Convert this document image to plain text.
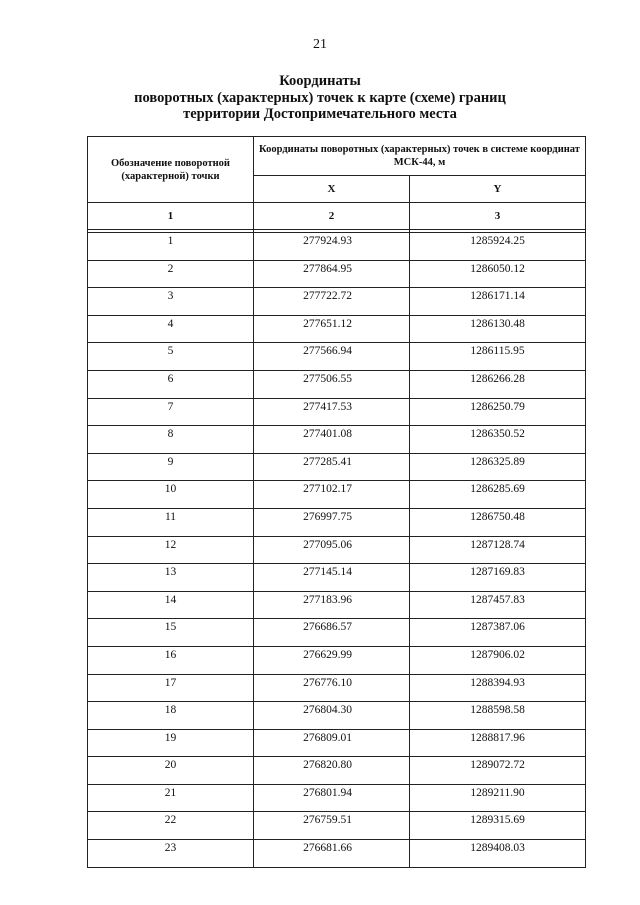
21
Координаты
поворотных (характерных) точек к карте (схеме) границ
территории Достопримечательного места
Обозначение поворотной (характерной) точки	Координаты поворотных (характерных) точек в системе координат МСК-44, м	
	X	Y
1	2	3

1	277924.93	1285924.25
2	277864.95	1286050.12
3	277722.72	1286171.14
4	277651.12	1286130.48
5	277566.94	1286115.95
6	277506.55	1286266.28
7	277417.53	1286250.79
8	277401.08	1286350.52
9	277285.41	1286325.89
10	277102.17	1286285.69
11	276997.75	1286750.48
12	277095.06	1287128.74
13	277145.14	1287169.83
14	277183.96	1287457.83
15	276686.57	1287387.06
16	276629.99	1287906.02
17	276776.10	1288394.93
18	276804.30	1288598.58
19	276809.01	1288817.96
20	276820.80	1289072.72
21	276801.94	1289211.90
22	276759.51	1289315.69
23	276681.66	1289408.03
